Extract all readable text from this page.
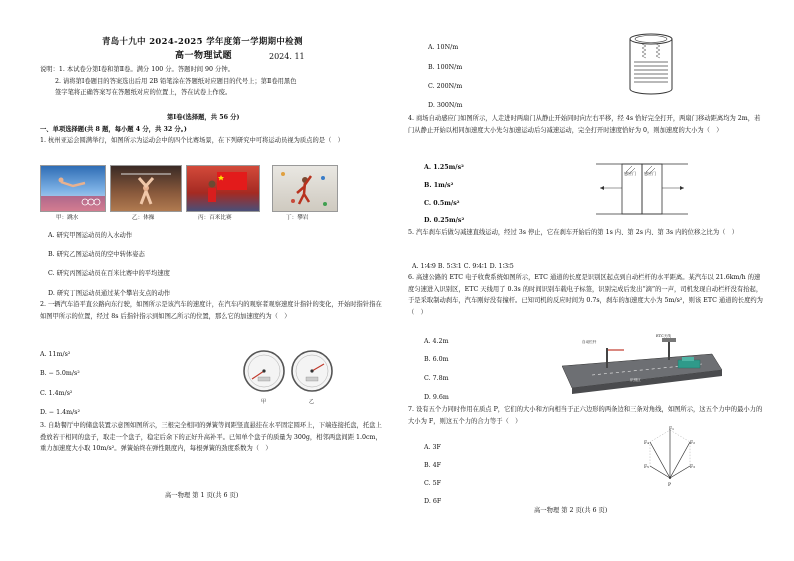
青岛十九中 2024-2025 学年度第一学期期中检测
高一物理试题	2024. 11
说明：1. 本试卷分第Ⅰ卷和第Ⅱ卷。满分 100 分。答题时间 90 分钟。
2. 请将第Ⅰ卷题目的答案选出后用 2B 铅笔涂在答题纸对应题目的代号上；第Ⅱ卷用黑色
签字笔将正确答案写在答题纸对应的位置上，答在试卷上作废。
第Ⅰ卷(选择题，共 56 分)
一、单项选择题(共 8 题，每小题 4 分，共 32 分。)
1. 杭州亚运会圆满举行，如图所示为运动会中的四个比赛场景，在下列研究中可将运动员视为质点的是（　）
甲：跳水	乙：体操	丙：百米比赛	丁：攀岩
A. 研究甲图运动员的入水动作
B. 研究乙图运动员的空中转体姿态
C. 研究丙图运动员在百米比赛中的平均速度
D. 研究丁图运动员通过某个攀岩支点的动作
2. 一辆汽车沿平直公路向东行驶，如图所示是该汽车的速度计，在汽车内的观察者观察速度计指针的变化，开始时指针指在如图甲所示的位置，经过 8s 后指针指示到如图乙所示的位置，那么它的加速度约为（　）
A. 11m/s²
B. − 5.0m/s²
C. 1.4m/s²
D. − 1.4m/s²
甲	乙
3. 自助餐厅中的储盘装置示意图如图所示，三根完全相同的弹簧等间距竖直悬挂在水平固定圆环上，下端连接托盘，托盘上叠放若干相同的盘子，取走一个盘子，稳定后余下的正好升高补平。已知单个盘子的质量为 300g，相邻两盘间距 1.0cm，重力加速度大小取 10m/s²。弹簧始终在弹性限度内，每根弹簧的劲度系数为（　）
高一物理 第 1 页(共 6 页)
A. 10N/m
B. 100N/m
C. 200N/m
D. 300N/m
4. 商场自动感应门如图所示，人走进时两扇门从静止开始同时向左右平移，经 4s 恰好完全打开，两扇门移动距离均为 2m，若门从静止开始以相同加速度大小先匀加速运动后匀减速运动，完全打开时速度恰好为 0，则加速度的大小为（　）
A. 1.25m/s²
B. 1m/s²
C. 0.5m/s²
D. 0.25m/s²
感应门 感应门
5. 汽车刹车后做匀减速直线运动，经过 3s 停止，它在刹车开始后的第 1s 内、第 2s 内、第 3s 内的位移之比为（　）
A. 1∶4∶9 B. 5∶3∶1 C. 9∶4∶1 D. 1∶3∶5
6. 高速公路的 ETC 电子收费系统如图所示，ETC 通道的长度是识别区起点到自动栏杆的水平距离。某汽车以 21.6km/h 的速度匀速进入识别区，ETC 天线用了 0.3s 的时间识别车载电子标签，识别完成后发出“滴”的一声，司机发现自动栏杆没有抬起，于是采取制动刹车，汽车刚好没有撞杆。已知司机的反应时间为 0.7s，刹车的加速度大小为 5m/s²，则该 ETC 通道的长度约为（　）
A. 4.2m
B. 6.0m
C. 7.8m
D. 9.6m
自动栏杆
ETC天线
识别区
7. 设有五个力同时作用在质点 P，它们的大小和方向相当于正六边形的两条边和三条对角线，如图所示，这五个力中的最小力的大小为 F，则这五个力的合力等于（　）
A. 3F
B. 4F
C. 5F
D. 6F
F₁
F₂
F₃
F₄
F₅
P
高一物理 第 2 页(共 6 页)
